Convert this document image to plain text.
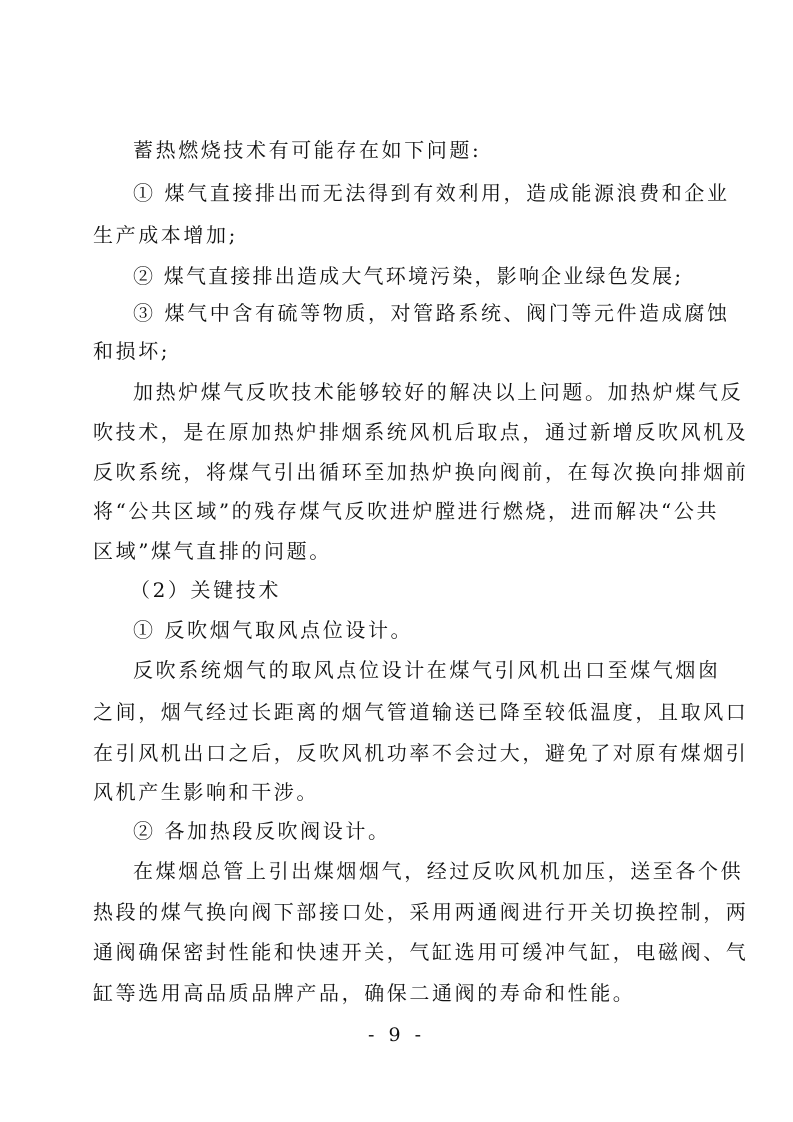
蓄热燃烧技术有可能存在如下问题:
① 煤气直接排出而无法得到有效利用，造成能源浪费和企业
生产成本增加;
② 煤气直接排出造成大气环境污染，影响企业绿色发展;
③ 煤气中含有硫等物质，对管路系统、阀门等元件造成腐蚀
和损坏;
加热炉煤气反吹技术能够较好的解决以上问题。加热炉煤气反
吹技术，是在原加热炉排烟系统风机后取点，通过新增反吹风机及
反吹系统，将煤气引出循环至加热炉换向阀前，在每次换向排烟前
将“公共区域”的残存煤气反吹进炉膛进行燃烧，进而解决“公共
区域”煤气直排的问题。
（2）关键技术
① 反吹烟气取风点位设计。
反吹系统烟气的取风点位设计在煤气引风机出口至煤气烟囱
之间，烟气经过长距离的烟气管道输送已降至较低温度，且取风口
在引风机出口之后，反吹风机功率不会过大，避免了对原有煤烟引
风机产生影响和干涉。
② 各加热段反吹阀设计。
在煤烟总管上引出煤烟烟气，经过反吹风机加压，送至各个供
热段的煤气换向阀下部接口处，采用两通阀进行开关切换控制，两
通阀确保密封性能和快速开关，气缸选用可缓冲气缸，电磁阀、气
缸等选用高品质品牌产品，确保二通阀的寿命和性能。
- 9 -
